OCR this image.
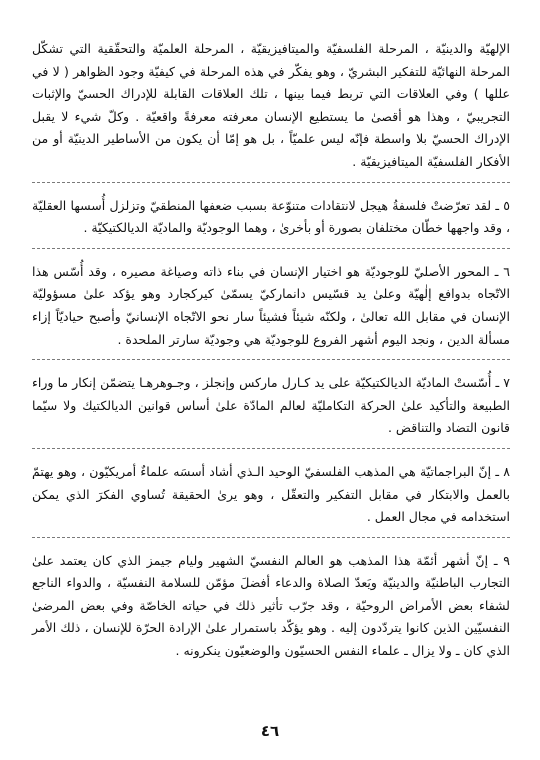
الإلهيّة والدينيّة ، المرحلة الفلسفيّة والميتافيزيقيّة ، المرحلة العلميّة والتحقّقية التي تشكّل المرحلة النهائيّة للتفكير البشريّ ، وهو يفكّر في هذه المرحلة في كيفيّة وجود الظواهر ( لا في عللها ) وفي العلاقات التي تربط فيما بينها ، تلك العلاقات القابلة للإدراك الحسيّ والإثبات التجريبيّ ، وهذا هو أقصىٰ ما يستطيع الإنسان معرفته معرفةً واقعيّة . وكلّ شيء لا يقبل الإدراك الحسيّ بلا واسطة فإنّه ليس علميّاً ، بل هو إمّا أن يكون من الأساطير الدينيّة أو من الأفكار الفلسفيّة الميتافيزيقيّة .

٥ ـ لقد تعرّضتْ فلسفةُ هيجل لانتقادات متنوّعة بسبب ضعفها المنطقيّ وتزلزل أُسسها العقليّة ، وقد واجهها خطّان مختلفان بصورة أو بأخرىٰ ، وهما الوجوديّة والماديّة الديالكتيكيّة .

٦ ـ المحور الأصليّ للوجوديّة هو اختيار الإنسان في بناء ذاته وصياغة مصيره ، وقد أُسّس هذا الاتّجاه بدوافع إلٰهيّة وعلىٰ يد قسّيس دانماركيّ يسمّىٰ كيركجارد وهو يؤكد علىٰ مسؤوليّة الإنسان في مقابل الله تعالىٰ ، ولكنّه شيئاً فشيئاً سار نحو الاتّجاه الإنسانيّ وأصبح حياديّاً إزاء مسألة الدين ، ونجد اليوم أشهر الفروع للوجوديّة هي وجوديّة سارتر الملحدة .

٧ ـ أُسّستْ الماديّة الديالكتيكيّة على يد كـارل ماركس وإنجلز ، وجـوهرهـا يتضمّن إنكار ما وراء الطبيعة والتأكيد علىٰ الحركة التكامليّة لعالم المادّة علىٰ أساس قوانين الديالكتيك ولا سيّما قانون التضاد والتناقض .

٨ ـ إنّ البراجماتيّة هي المذهب الفلسفيّ الوحيد الـذي أشاد أسسَه علماءٌ أمريكيّون ، وهو يهتمّ بالعمل والابتكار في مقابل التفكير والتعقّل ، وهو يرىٰ الحقيقة تُساوي الفكرَ الذي يمكن استخدامه في مجال العمل .

٩ ـ إنّ أشهر أئمّة هذا المذهب هو العالم النفسيّ الشهير وليام جيمز الذي كان يعتمد علىٰ التجارب الباطنيّة والدينيّة ويَعدّ الصلاة والدعاء أفضلَ مؤمّن للسلامة النفسيّة ، والدواء الناجع لشفاء بعض الأمراض الروحيّة ، وقد جرّب تأثير ذلك في حياته الخاصّة وفي بعض المرضىٰ النفسيّين الذين كانوا يتردّدون إليه . وهو يؤكّد باستمرار علىٰ الإرادة الحرّة للإنسان ، ذلك الأمر الذي كان ـ ولا يزال ـ علماء النفس الحسيّون والوضعيّون ينكرونه .

٤٦
